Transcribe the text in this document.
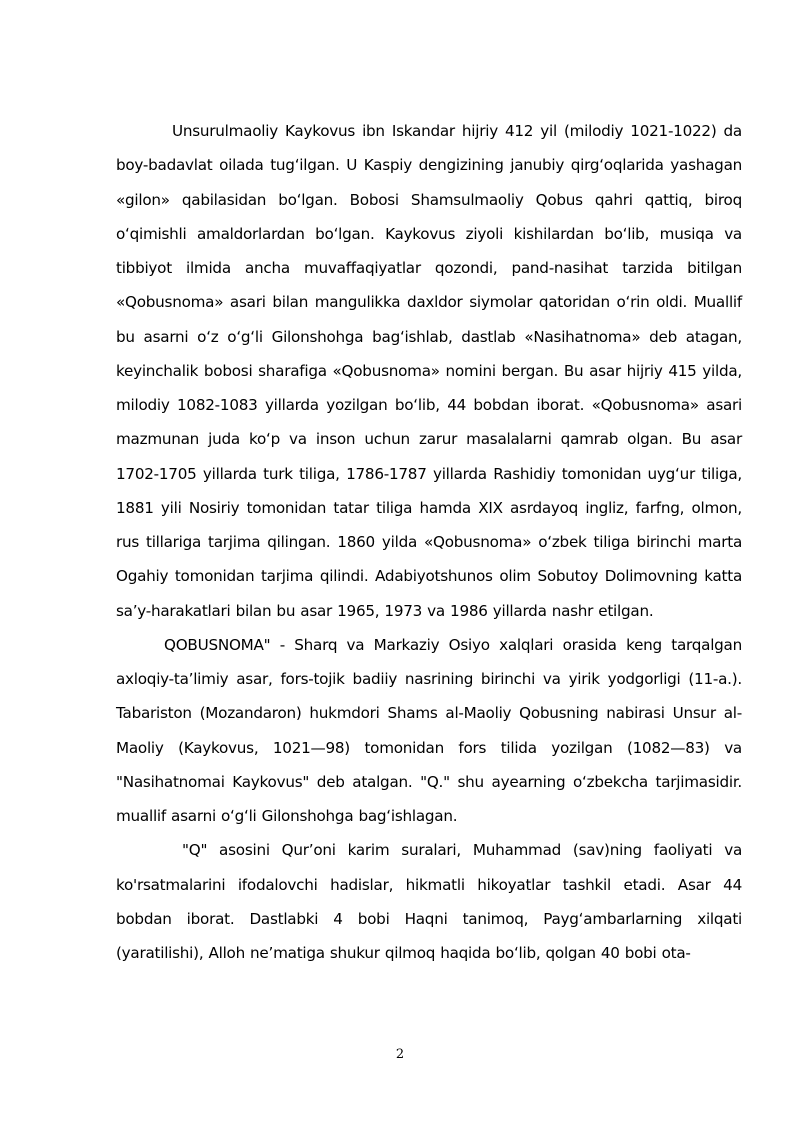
Unsurulmaoliy Kaykovus ibn Iskandar hijriy 412 yil (milodiy 1021-1022) da boy-badavlat oilada tugʻilgan. U Kaspiy dengizining janubiy qirgʻoqlarida yashagan «gilon» qabilasidan boʻlgan. Bobosi Shamsulmaoliy Qobus qahri qattiq, biroq oʻqimishli amaldorlardan boʻlgan. Kaykovus ziyoli kishilardan boʻlib, musiqa va tibbiyot ilmida ancha muvaffaqiyatlar qozondi, pand-nasihat tarzida bitilgan «Qobusnoma» asari bilan mangulikka daxldor siymolar qatoridan oʻrin oldi. Muallif bu asarni oʻz oʻgʻli Gilonshohga bagʻishlab, dastlab «Nasihatnoma» deb atagan, keyinchalik bobosi sharafiga «Qobusnoma» nomini bergan. Bu asar hijriy 415 yilda, milodiy 1082-1083 yillarda yozilgan boʻlib, 44 bobdan iborat. «Qobusnoma» asari mazmunan juda koʻp va inson uchun zarur masalalarni qamrab olgan. Bu asar 1702-1705 yillarda turk tiliga, 1786-1787 yillarda Rashidiy tomonidan uygʻur tiliga, 1881 yili Nosiriy tomonidan tatar tiliga hamda XIX asrdayoq ingliz, farfng, olmon, rus tillariga tarjima qilingan. 1860 yilda «Qobusnoma» oʻzbek tiliga birinchi marta Ogahiy tomonidan tarjima qilindi. Adabiyotshunos olim Sobutoy Dolimovning katta saʼy-harakatlari bilan bu asar 1965, 1973 va 1986 yillarda nashr etilgan.

QOBUSNOMA" - Sharq va Markaziy Osiyo xalqlari orasida keng tarqalgan axloqiy-taʼlimiy asar, fors-tojik badiiy nasrining birinchi va yirik yodgorligi (11-a.). Tabariston (Mozandaron) hukmdori Shams al-Maoliy Qobusning nabirasi Unsur al-Maoliy (Kaykovus, 1021—98) tomonidan fors tilida yozilgan (1082—83) va "Nasihatnomai Kaykovus" deb atalgan. "Q." shu ayearning oʻzbekcha tarjimasidir. muallif asarni oʻgʻli Gilonshohga bagʻishlagan.

"Q" asosini Qurʼoni karim suralari, Muhammad (sav)ning faoliyati va ko'rsatmalarini ifodalovchi hadislar, hikmatli hikoyatlar tashkil etadi. Asar 44 bobdan iborat. Dastlabki 4 bobi Haqni tanimoq, Paygʻambarlarning xilqati (yaratilishi), Alloh neʼmatiga shukur qilmoq haqida boʻlib, qolgan 40 bobi ota-

2
